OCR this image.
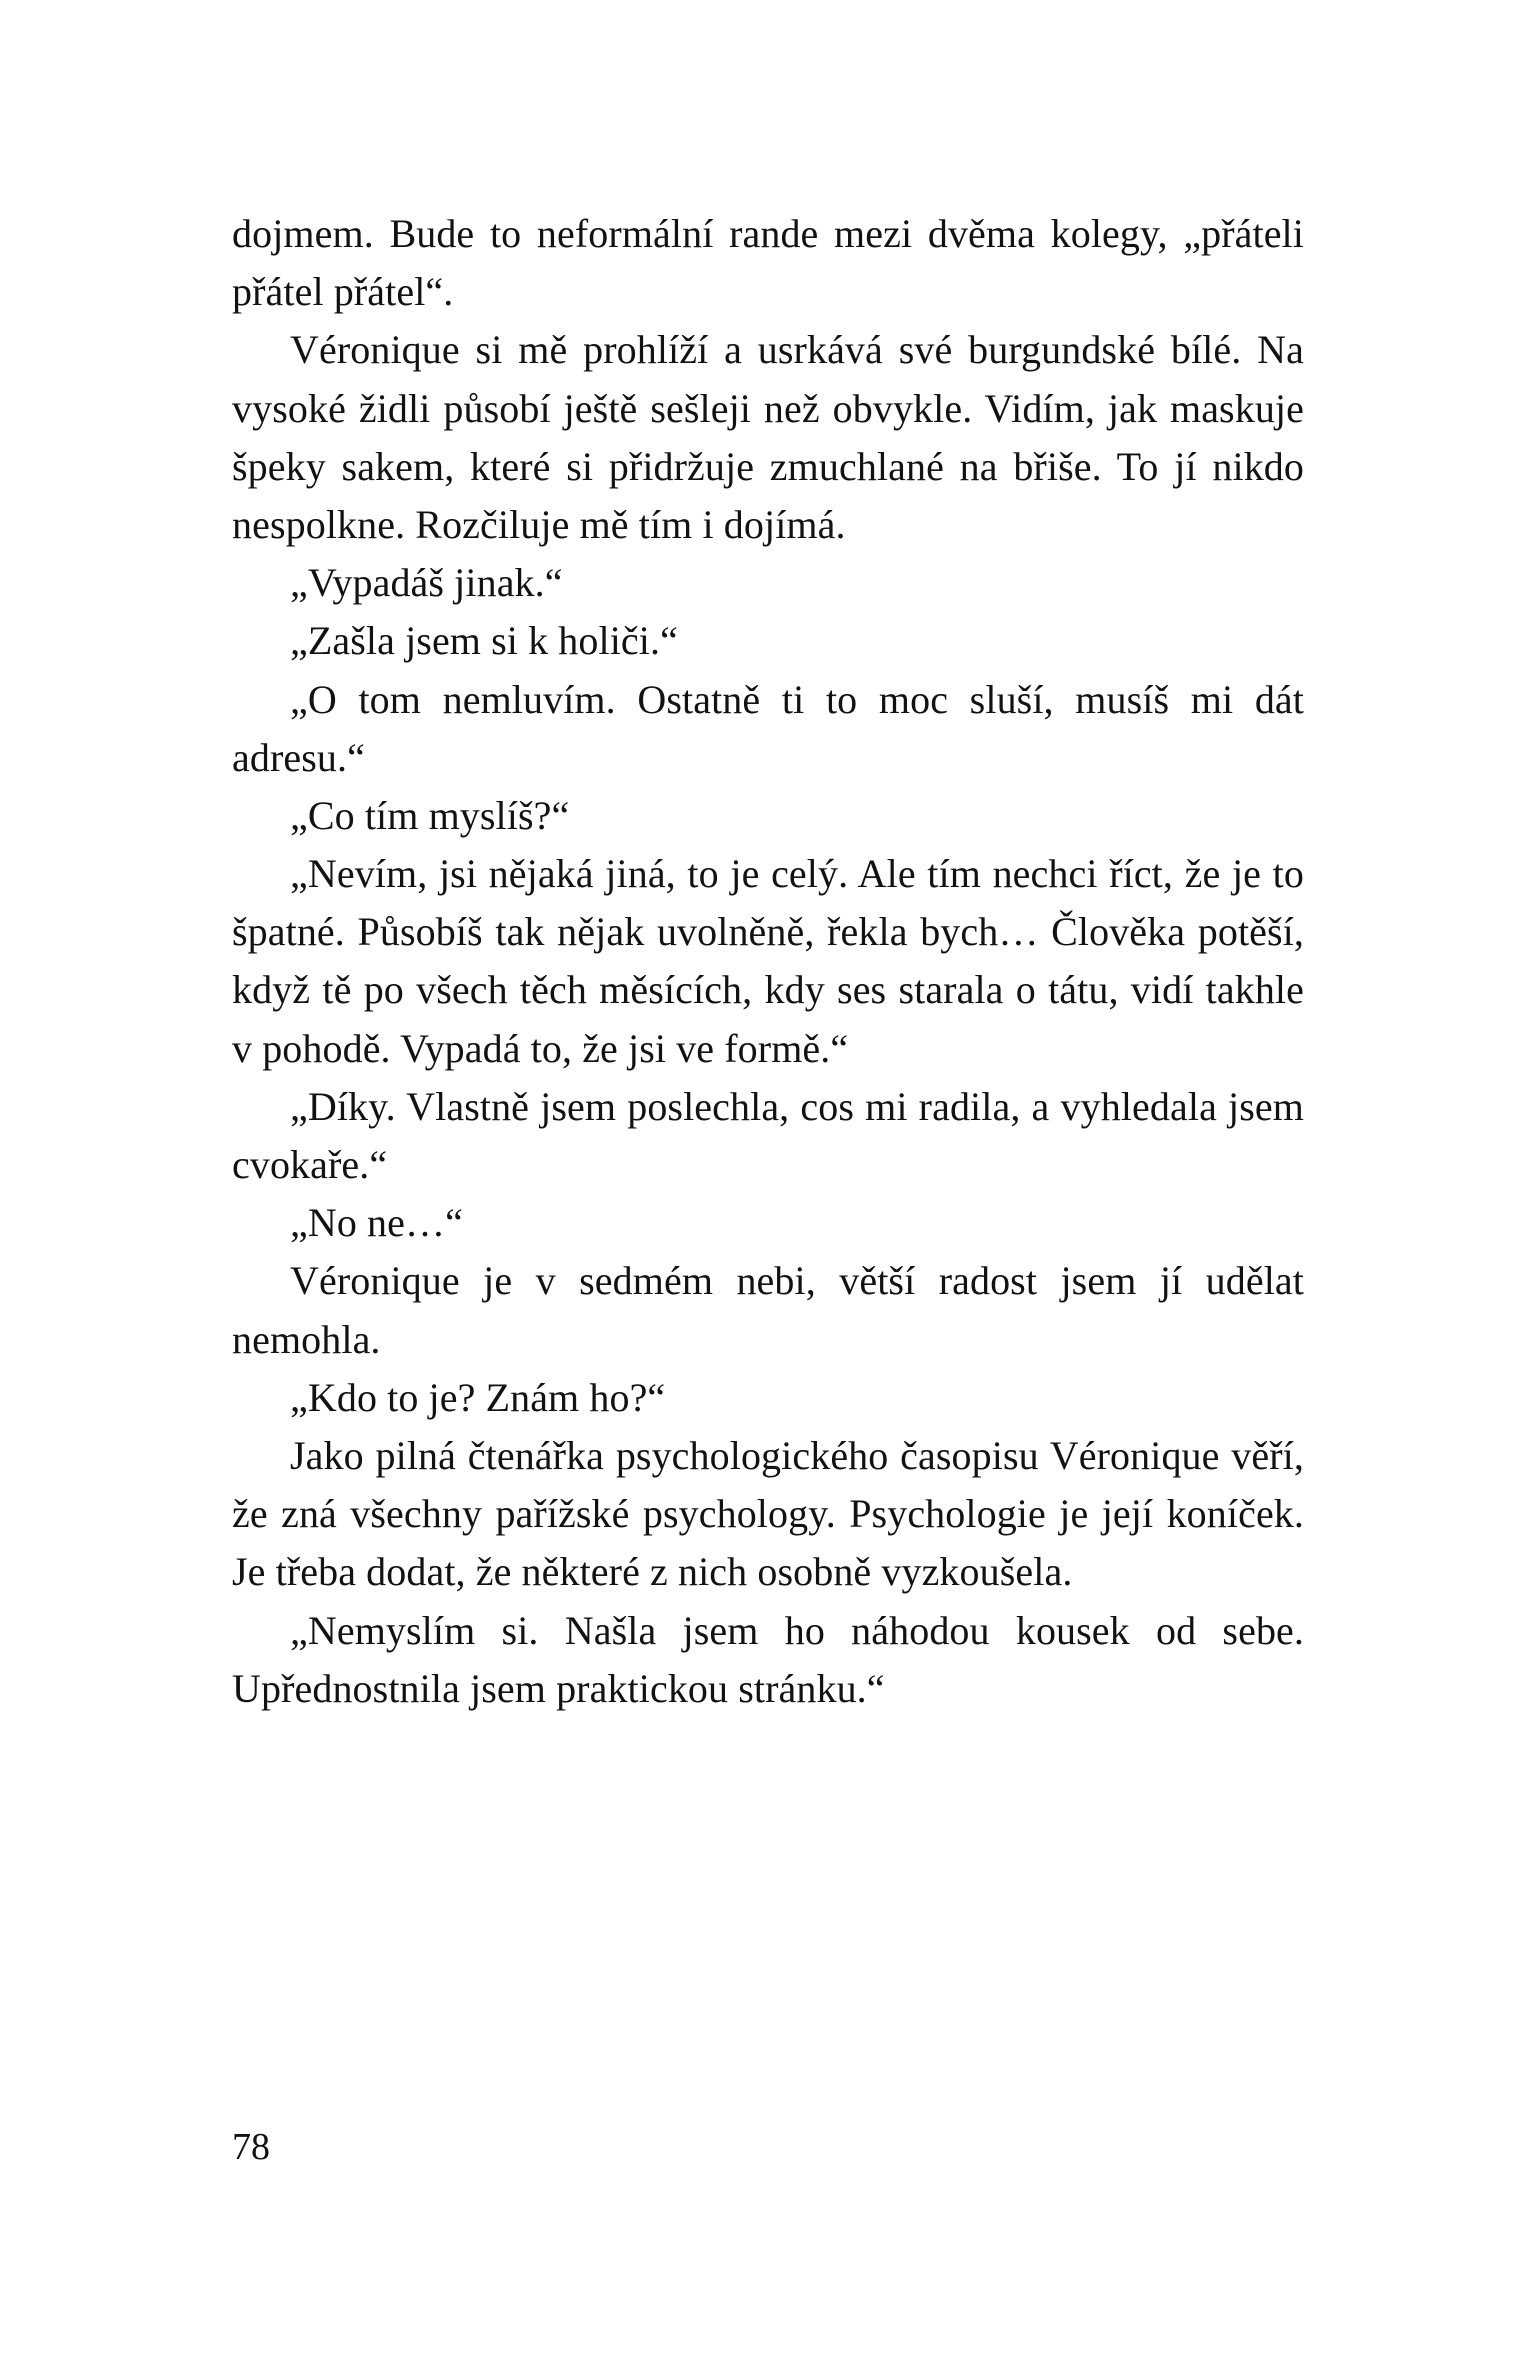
dojmem. Bude to neformální rande mezi dvěma kolegy, „přáteli přátel přátel“.

Véronique si mě prohlíží a usrkává své burgundské bílé. Na vysoké židli působí ještě sešleji než obvykle. Vidím, jak maskuje špeky sakem, které si přidržuje zmuchlané na břiše. To jí nikdo nespolkne. Rozčiluje mě tím i dojímá.

„Vypadáš jinak.“

„Zašla jsem si k holiči.“

„O tom nemluvím. Ostatně ti to moc sluší, musíš mi dát adresu.“

„Co tím myslíš?“

„Nevím, jsi nějaká jiná, to je celý. Ale tím nechci říct, že je to špatné. Působíš tak nějak uvolněně, řekla bych… Člověka potěší, když tě po všech těch měsících, kdy ses starala o tátu, vidí takhle v pohodě. Vypadá to, že jsi ve formě.“

„Díky. Vlastně jsem poslechla, cos mi radila, a vyhledala jsem cvokaře.“

„No ne…“

Véronique je v sedmém nebi, větší radost jsem jí udělat nemohla.

„Kdo to je? Znám ho?“

Jako pilná čtenářka psychologického časopisu Véronique věří, že zná všechny pařížské psychology. Psychologie je její koníček. Je třeba dodat, že některé z nich osobně vyzkoušela.

„Nemyslím si. Našla jsem ho náhodou kousek od sebe. Upřednostnila jsem praktickou stránku.“

78
